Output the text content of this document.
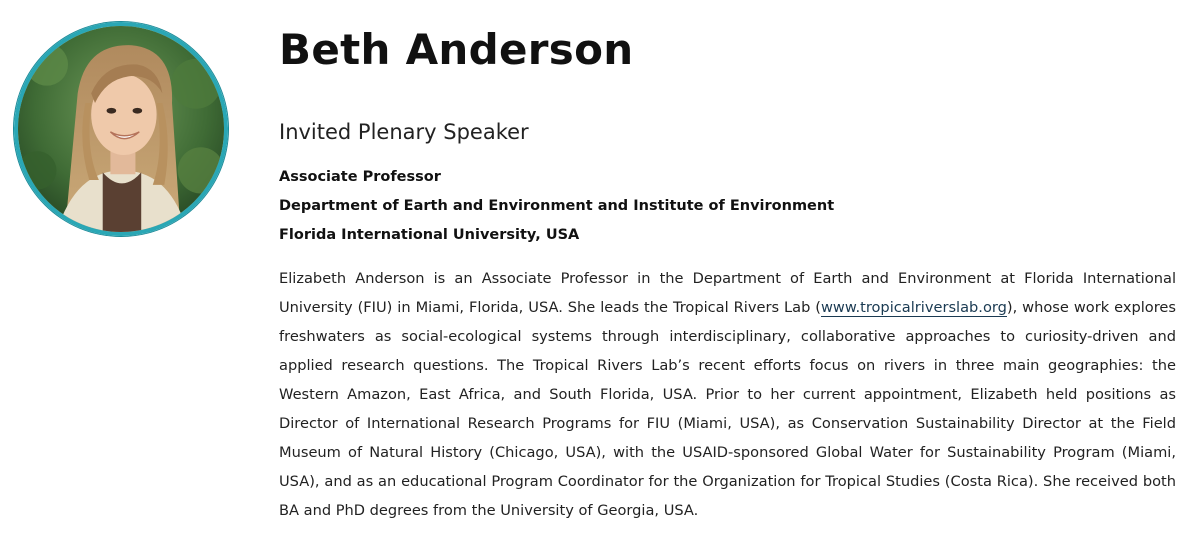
Beth Anderson
Invited Plenary Speaker
Associate Professor
Department of Earth and Environment and Institute of Environment
Florida International University, USA

Elizabeth Anderson is an Associate Professor in the Department of Earth and Environment at Florida International University (FIU) in Miami, Florida, USA. She leads the Tropical Rivers Lab (www.tropicalriverslab.org), whose work explores freshwaters as social-ecological systems through interdisciplinary, collaborative approaches to curiosity-driven and applied research questions. The Tropical Rivers Lab’s recent efforts focus on rivers in three main geographies: the Western Amazon, East Africa, and South Florida, USA. Prior to her current appointment, Elizabeth held positions as Director of International Research Programs for FIU (Miami, USA), as Conservation Sustainability Director at the Field Museum of Natural History (Chicago, USA), with the USAID-sponsored Global Water for Sustainability Program (Miami, USA), and as an educational Program Coordinator for the Organization for Tropical Studies (Costa Rica). She received both BA and PhD degrees from the University of Georgia, USA.
